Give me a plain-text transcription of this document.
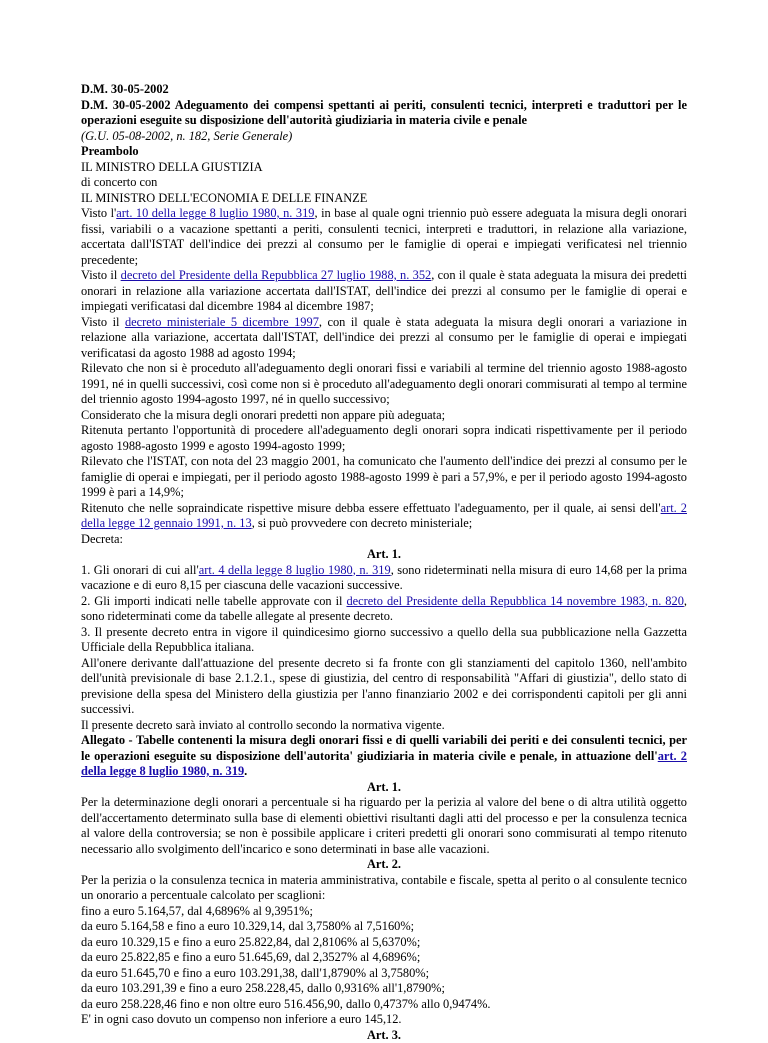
D.M. 30-05-2002

D.M. 30-05-2002 Adeguamento dei compensi spettanti ai periti, consulenti tecnici, interpreti e traduttori per le operazioni eseguite su disposizione dell'autorità giudiziaria in materia civile e penale

(G.U. 05-08-2002, n. 182, Serie Generale)

Preambolo

IL MINISTRO DELLA GIUSTIZIA

di concerto con

IL MINISTRO DELL'ECONOMIA E DELLE FINANZE

Visto l'art. 10 della legge 8 luglio 1980, n. 319, in base al quale ogni triennio può essere adeguata la misura degli onorari fissi, variabili o a vacazione spettanti a periti, consulenti tecnici, interpreti e traduttori, in relazione alla variazione, accertata dall'ISTAT dell'indice dei prezzi al consumo per le famiglie di operai e impiegati verificatesi nel triennio precedente;

Visto il decreto del Presidente della Repubblica 27 luglio 1988, n. 352, con il quale è stata adeguata la misura dei predetti onorari in relazione alla variazione accertata dall'ISTAT, dell'indice dei prezzi al consumo per le famiglie di operai e impiegati verificatasi dal dicembre 1984 al dicembre 1987;

Visto il decreto ministeriale 5 dicembre 1997, con il quale è stata adeguata la misura degli onorari a variazione in relazione alla variazione, accertata dall'ISTAT, dell'indice dei prezzi al consumo per le famiglie di operai e impiegati verificatasi da agosto 1988 ad agosto 1994;

Rilevato che non si è proceduto all'adeguamento degli onorari fissi e variabili al termine del triennio agosto 1988-agosto 1991, né in quelli successivi, così come non si è proceduto all'adeguamento degli onorari commisurati al tempo al termine del triennio agosto 1994-agosto 1997, né in quello successivo;

Considerato che la misura degli onorari predetti non appare più adeguata;

Ritenuta pertanto l'opportunità di procedere all'adeguamento degli onorari sopra indicati rispettivamente per il periodo agosto 1988-agosto 1999 e agosto 1994-agosto 1999;

Rilevato che l'ISTAT, con nota del 23 maggio 2001, ha comunicato che l'aumento dell'indice dei prezzi al consumo per le famiglie di operai e impiegati, per il periodo agosto 1988-agosto 1999 è pari a 57,9%, e per il periodo agosto 1994-agosto 1999 è pari a 14,9%;

Ritenuto che nelle sopraindicate rispettive misure debba essere effettuato l'adeguamento, per il quale, ai sensi dell'art. 2 della legge 12 gennaio 1991, n. 13, si può provvedere con decreto ministeriale;

Decreta:

Art. 1.

1. Gli onorari di cui all'art. 4 della legge 8 luglio 1980, n. 319, sono rideterminati nella misura di euro 14,68 per la prima vacazione e di euro 8,15 per ciascuna delle vacazioni successive.

2. Gli importi indicati nelle tabelle approvate con il decreto del Presidente della Repubblica 14 novembre 1983, n. 820, sono rideterminati come da tabelle allegate al presente decreto.

3. Il presente decreto entra in vigore il quindicesimo giorno successivo a quello della sua pubblicazione nella Gazzetta Ufficiale della Repubblica italiana.

All'onere derivante dall'attuazione del presente decreto si fa fronte con gli stanziamenti del capitolo 1360, nell'ambito dell'unità previsionale di base 2.1.2.1., spese di giustizia, del centro di responsabilità "Affari di giustizia", dello stato di previsione della spesa del Ministero della giustizia per l'anno finanziario 2002 e dei corrispondenti capitoli per gli anni successivi.

Il presente decreto sarà inviato al controllo secondo la normativa vigente.

Allegato - Tabelle contenenti la misura degli onorari fissi e di quelli variabili dei periti e dei consulenti tecnici, per le operazioni eseguite su disposizione dell'autorita' giudiziaria in materia civile e penale, in attuazione dell'art. 2 della legge 8 luglio 1980, n. 319.

Art. 1.

Per la determinazione degli onorari a percentuale si ha riguardo per la perizia al valore del bene o di altra utilità oggetto dell'accertamento determinato sulla base di elementi obiettivi risultanti dagli atti del processo e per la consulenza tecnica al valore della controversia; se non è possibile applicare i criteri predetti gli onorari sono commisurati al tempo ritenuto necessario allo svolgimento dell'incarico e sono determinati in base alle vacazioni.

Art. 2.

Per la perizia o la consulenza tecnica in materia amministrativa, contabile e fiscale, spetta al perito o al consulente tecnico un onorario a percentuale calcolato per scaglioni:

fino a euro 5.164,57, dal 4,6896% al 9,3951%;

da euro 5.164,58 e fino a euro 10.329,14, dal 3,7580% al 7,5160%;

da euro 10.329,15 e fino a euro 25.822,84, dal 2,8106% al 5,6370%;

da euro 25.822,85 e fino a euro 51.645,69, dal 2,3527% al 4,6896%;

da euro 51.645,70 e fino a euro 103.291,38, dall'1,8790% al 3,7580%;

da euro 103.291,39 e fino a euro 258.228,45, dallo 0,9316% all'1,8790%;

da euro 258.228,46 fino e non oltre euro 516.456,90, dallo 0,4737% allo 0,9474%.

E' in ogni caso dovuto un compenso non inferiore a euro 145,12.

Art. 3.
